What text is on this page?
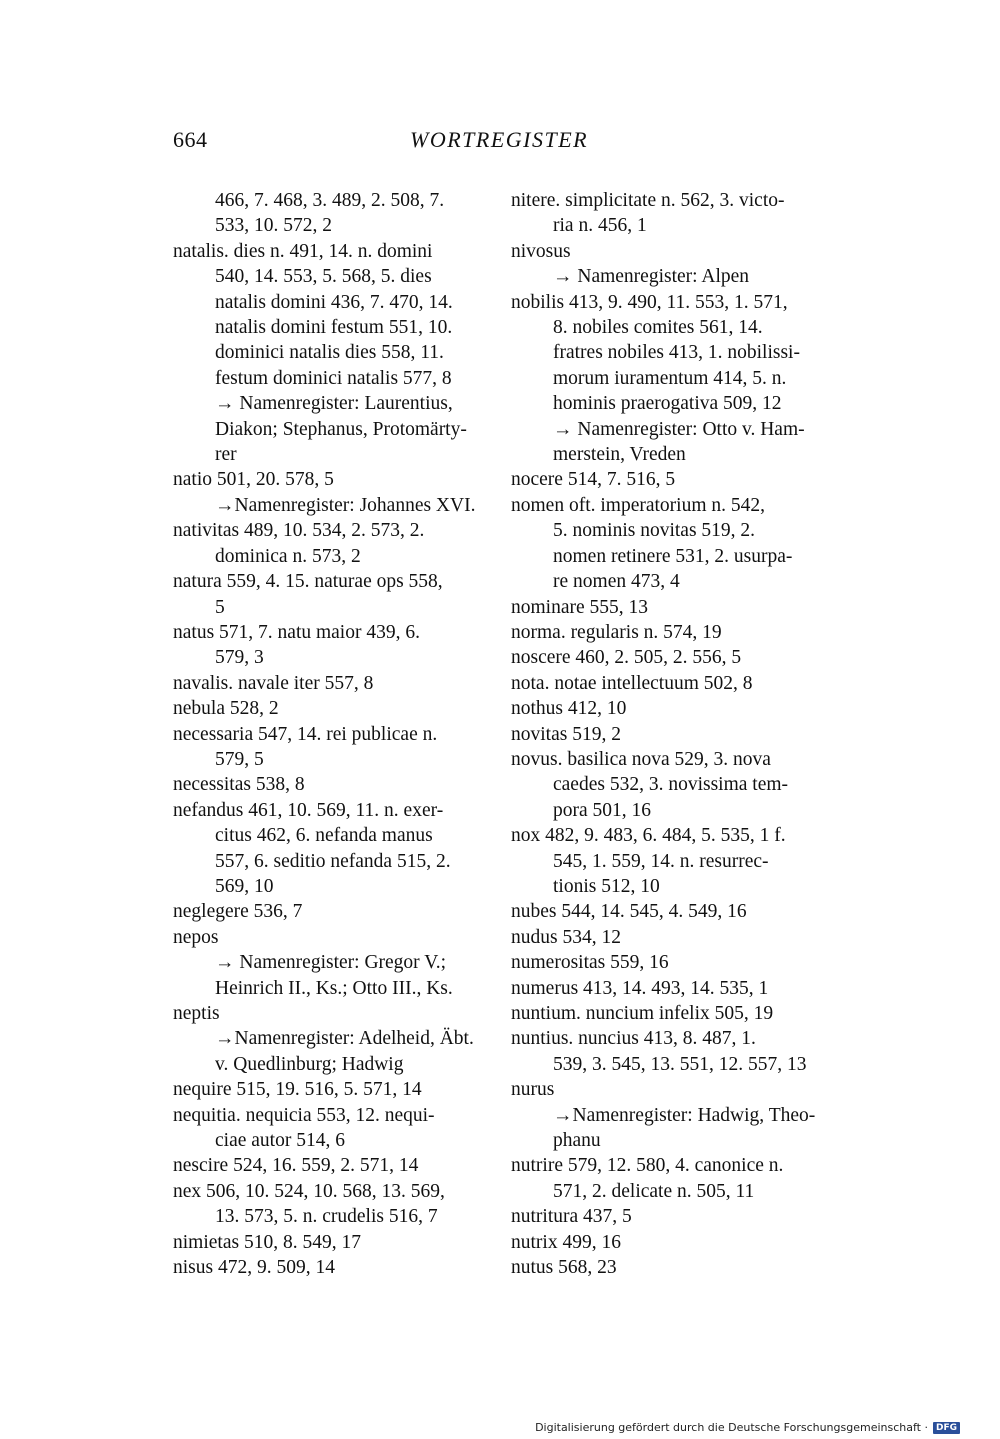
664	WORTREGISTER
466, 7. 468, 3. 489, 2. 508, 7.
533, 10. 572, 2
natalis. dies n. 491, 14. n. domini
540, 14. 553, 5. 568, 5. dies
natalis domini 436, 7. 470, 14.
natalis domini festum 551, 10.
dominici natalis dies 558, 11.
festum dominici natalis 577, 8
→ Namenregister: Laurentius,
Diakon; Stephanus, Protomärty-
rer
natio 501, 20. 578, 5
→Namenregister: Johannes XVI.
nativitas 489, 10. 534, 2. 573, 2.
dominica n. 573, 2
natura 559, 4. 15. naturae ops 558,
5
natus 571, 7. natu maior 439, 6.
579, 3
navalis. navale iter 557, 8
nebula 528, 2
necessaria 547, 14. rei publicae n.
579, 5
necessitas 538, 8
nefandus 461, 10. 569, 11. n. exer-
citus 462, 6. nefanda manus
557, 6. seditio nefanda 515, 2.
569, 10
neglegere 536, 7
nepos
→ Namenregister: Gregor V.;
Heinrich II., Ks.; Otto III., Ks.
neptis
→Namenregister: Adelheid, Äbt.
v. Quedlinburg; Hadwig
nequire 515, 19. 516, 5. 571, 14
nequitia. nequicia 553, 12. nequi-
ciae autor 514, 6
nescire 524, 16. 559, 2. 571, 14
nex 506, 10. 524, 10. 568, 13. 569,
13. 573, 5. n. crudelis 516, 7
nimietas 510, 8. 549, 17
nisus 472, 9. 509, 14
nitere. simplicitate n. 562, 3. victo-
ria n. 456, 1
nivosus
→ Namenregister: Alpen
nobilis 413, 9. 490, 11. 553, 1. 571,
8. nobiles comites 561, 14.
fratres nobiles 413, 1. nobilissi-
morum iuramentum 414, 5. n.
hominis praerogativa 509, 12
→ Namenregister: Otto v. Ham-
merstein, Vreden
nocere 514, 7. 516, 5
nomen oft. imperatorium n. 542,
5. nominis novitas 519, 2.
nomen retinere 531, 2. usurpa-
re nomen 473, 4
nominare 555, 13
norma. regularis n. 574, 19
noscere 460, 2. 505, 2. 556, 5
nota. notae intellectuum 502, 8
nothus 412, 10
novitas 519, 2
novus. basilica nova 529, 3. nova
caedes 532, 3. novissima tem-
pora 501, 16
nox 482, 9. 483, 6. 484, 5. 535, 1 f.
545, 1. 559, 14. n. resurrec-
tionis 512, 10
nubes 544, 14. 545, 4. 549, 16
nudus 534, 12
numerositas 559, 16
numerus 413, 14. 493, 14. 535, 1
nuntium. nuncium infelix 505, 19
nuntius. nuncius 413, 8. 487, 1.
539, 3. 545, 13. 551, 12. 557, 13
nurus
→Namenregister: Hadwig, Theo-
phanu
nutrire 579, 12. 580, 4. canonice n.
571, 2. delicate n. 505, 11
nutritura 437, 5
nutrix 499, 16
nutus 568, 23
Digitalisierung gefördert durch die Deutsche Forschungsgemeinschaft · DFG
